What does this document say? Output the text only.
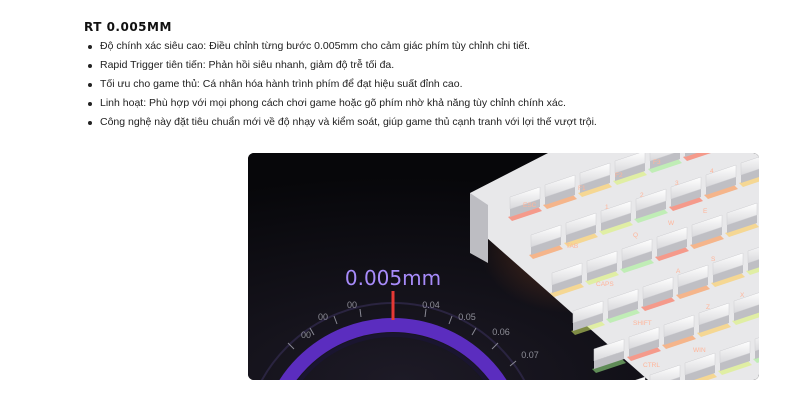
RT 0.005MM
Độ chính xác siêu cao: Điều chỉnh từng bước 0.005mm cho cảm giác phím tùy chỉnh chi tiết.
Rapid Trigger tiên tiến: Phản hồi siêu nhanh, giảm độ trễ tối đa.
Tối ưu cho game thủ: Cá nhân hóa hành trình phím để đạt hiệu suất đỉnh cao.
Linh hoạt: Phù hợp với mọi phong cách chơi game hoặc gõ phím nhờ khả năng tùy chỉnh chính xác.
Công nghệ này đặt tiêu chuẩn mới về độ nhạy và kiểm soát, giúp game thủ cạnh tranh với lợi thế vượt trội.
0.005mm
00
00
00	0.04
0.05
0.06
0.07
ESC
F1
F2
F3
1
2
3
4
TAB
Q
W
E
CAPS
A
S
SHIFT
Z
X
CTRL
WIN
